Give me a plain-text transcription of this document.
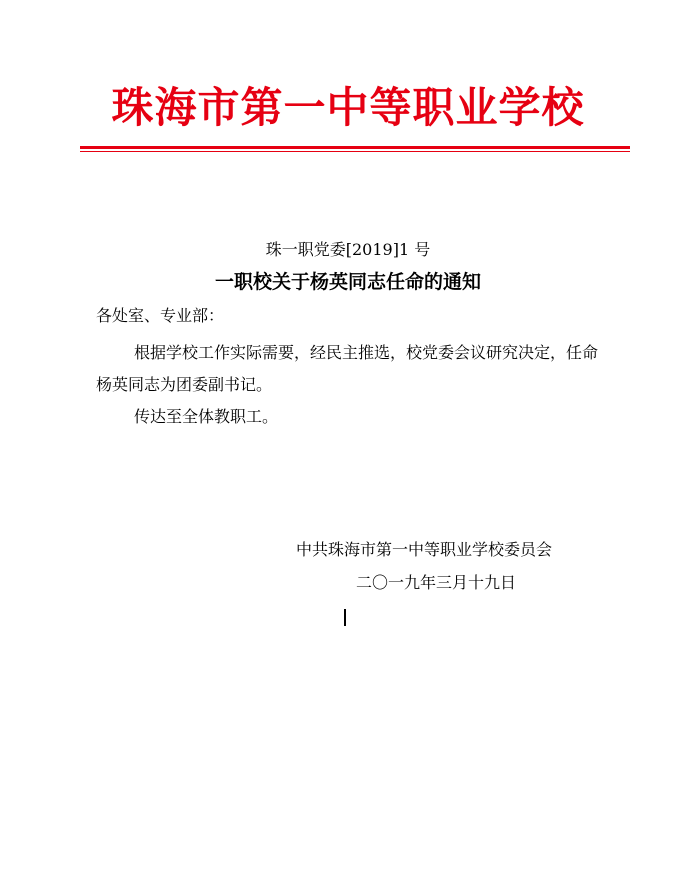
珠海市第一中等职业学校
珠一职党委[2019]1 号
一职校关于杨英同志任命的通知
各处室、专业部：
根据学校工作实际需要，经民主推选，校党委会议研究决定，任命杨英同志为团委副书记。
传达至全体教职工。
中共珠海市第一中等职业学校委员会
二〇一九年三月十九日
